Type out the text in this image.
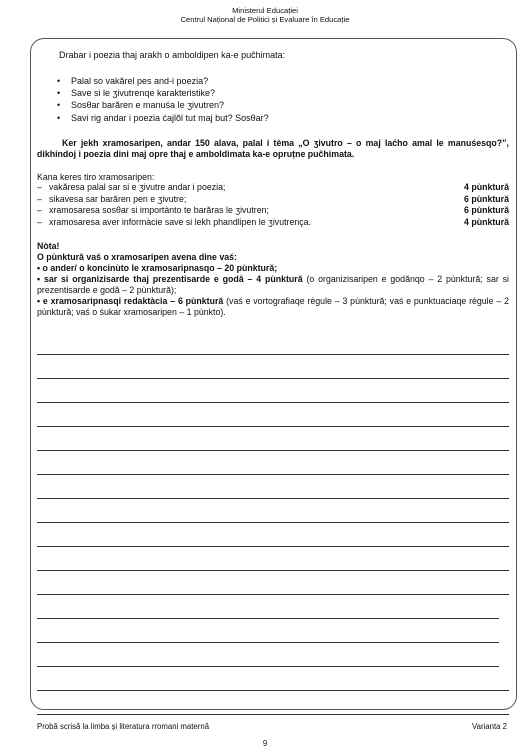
Ministerul Educației
Centrul Național de Politici și Evaluare în Educație
Drabar i poezia thaj arakh o amboldipen ka-e puĉhimata:
• Palal so vakărel pes and-i poezia?
• Save si le ʒivutrenqe karakteristike?
• Sosθar barăren e manuśa le ʒivutren?
• Savi rig andar i poezia ćajlŏl tut maj but? Sosθar?
Ker jekh xramosaripen, andar 150 alava, palal i tèma „O ʒivutro – o maj laćho amal le manuśesqo?”, dikhindoj i poezia dini maj opre thaj e amboldimata ka-e opruțne puĉhimata.
Kana keres tiro xramosaripen:
– vakăresa palal sar si e ʒivutre andar i poezia;	4 pùnktură
– sikavesa sar barăren pen e ʒivutre;	6 pùnktură
– xramosaresa sosθar si importànto te barăras le ʒivutren;	6 pùnktură
– xramosaresa aver informàcie save si lekh phandlipen le ʒivutrença.	4 pùnktură
Nòta!
O pùnktură vaś o xramosaripen avena dine vaś:
• o ander/ o koncinùto le xramosaripnasqo – 20 pùnktură;
• sar si organizisarde thaj prezentisarde e godă – 4 pùnktură (o organizisaripen e godănqo – 2 pùnktură; sar si prezentisarde e godă – 2 pùnktură);
• e xramosaripnasqi redaktàcia – 6 pùnktură (vaś e vortografiaqe règule – 3 pùnktură; vaś e punktuaciaqe règule – 2 pùnktură; vaś o śukar xramosaripen – 1 pùnkto).
Probă scrisă la limba și literatura rromani maternă	Varianta 2
9
